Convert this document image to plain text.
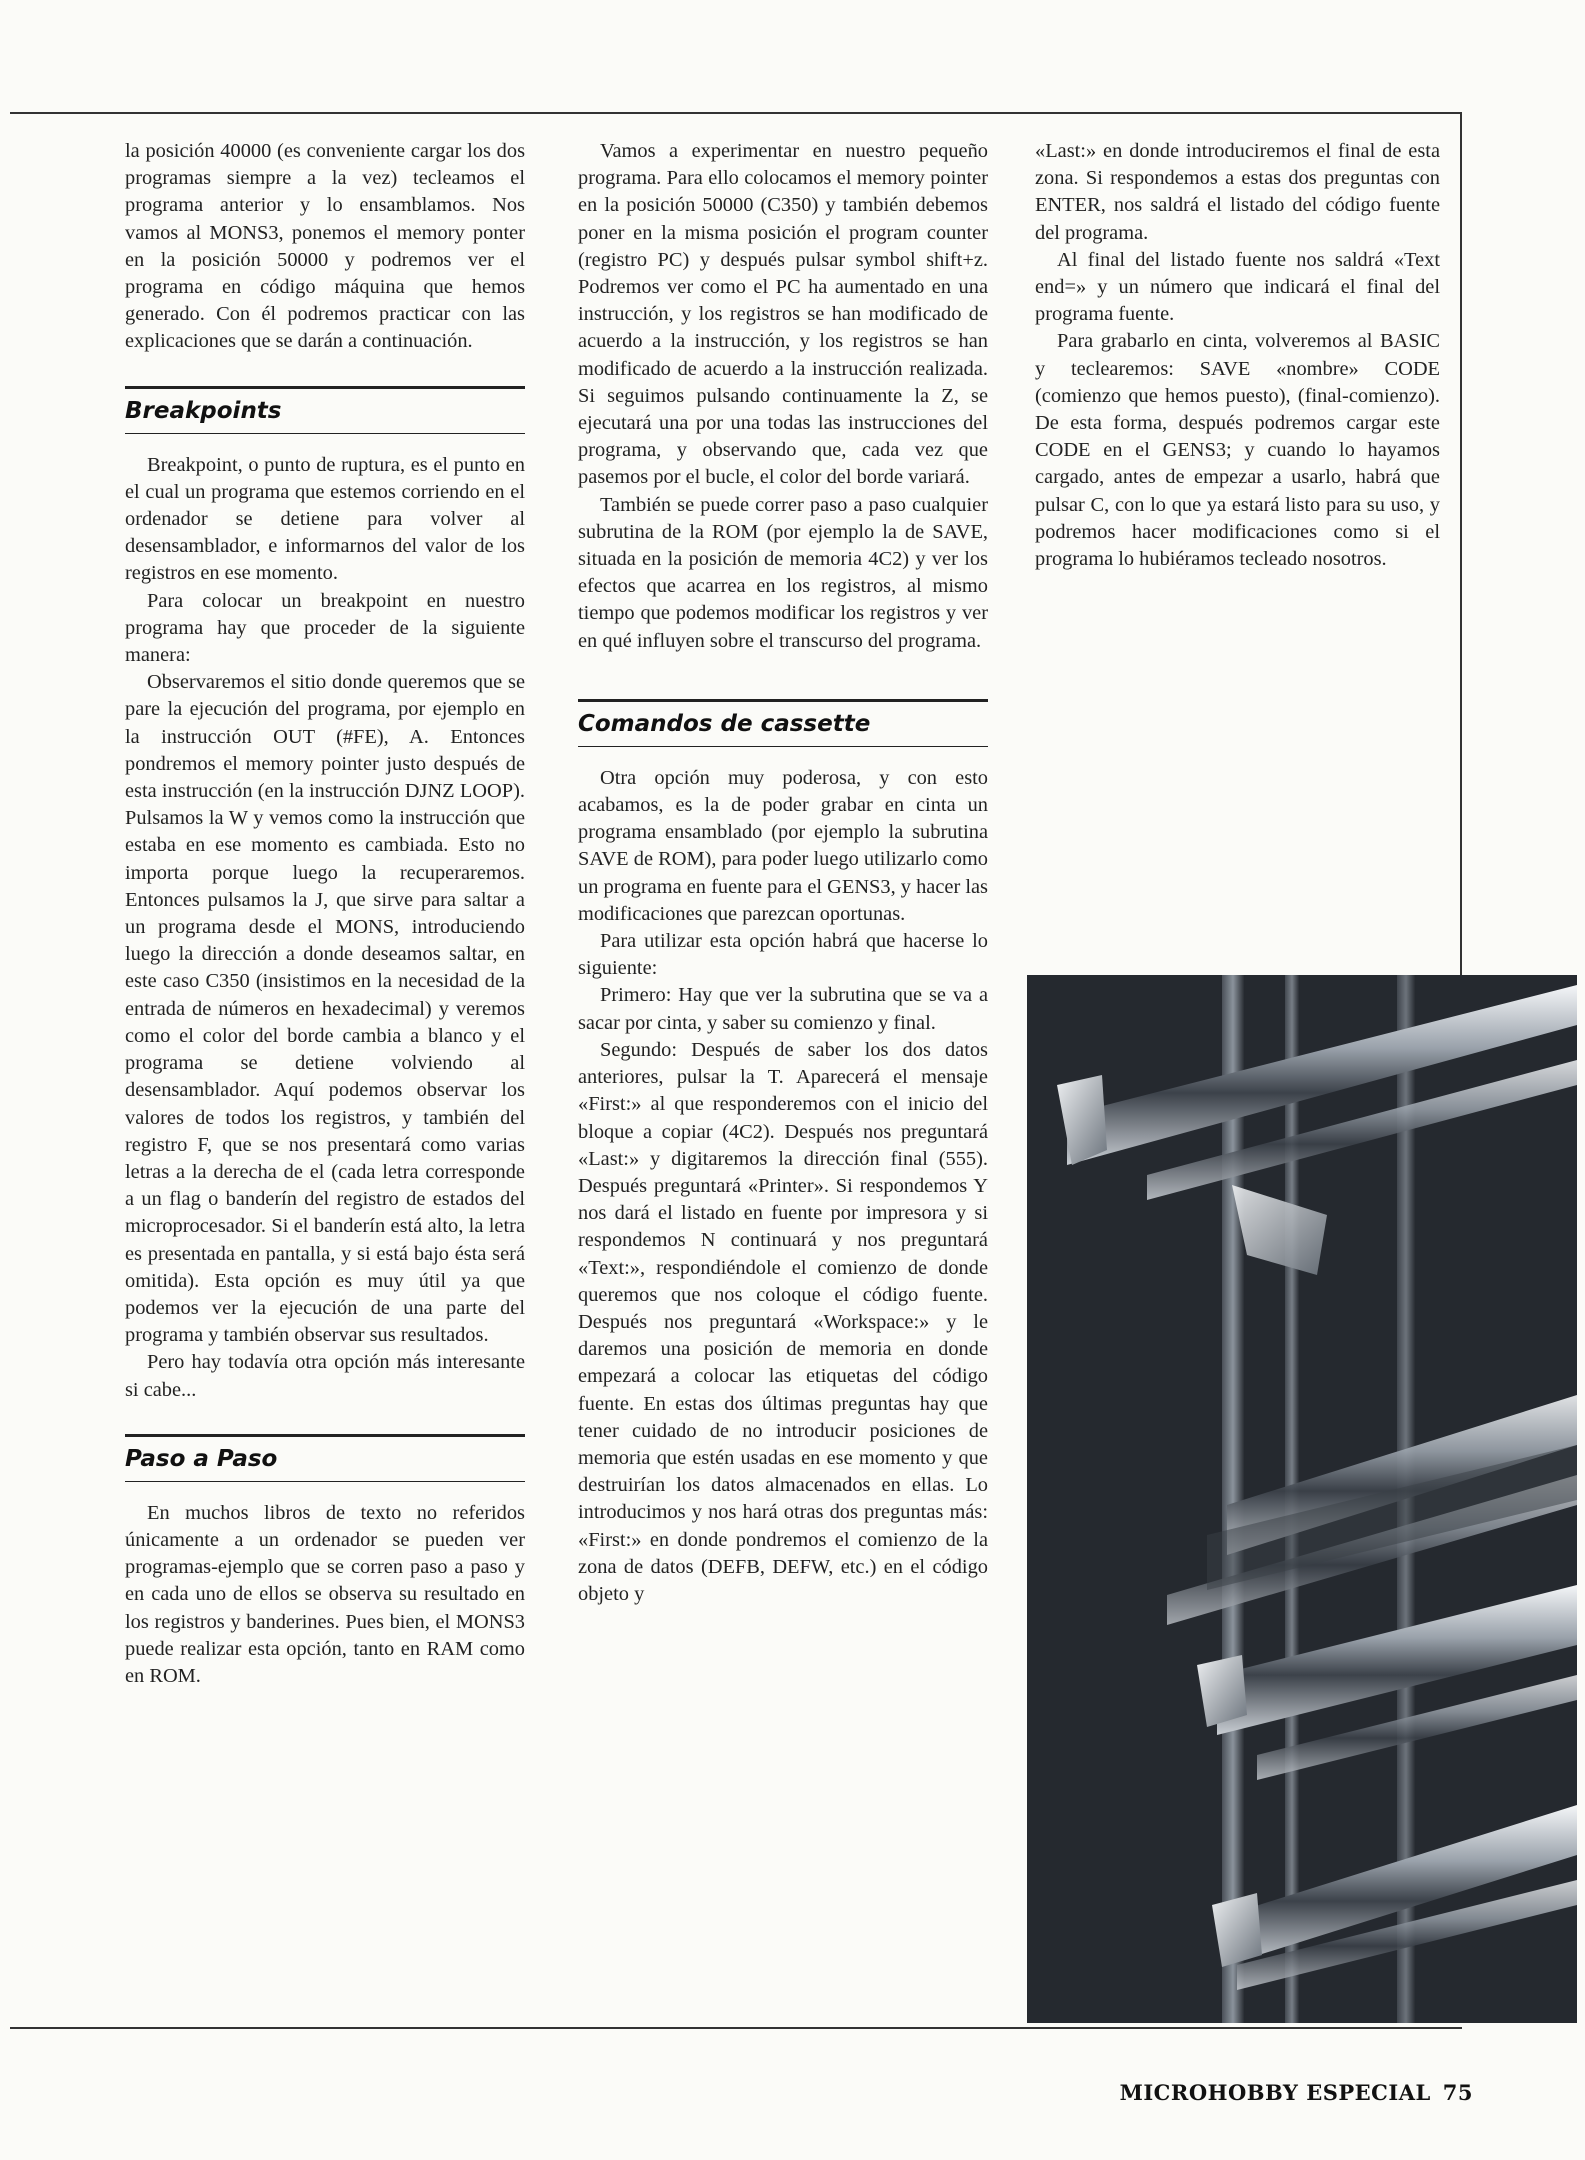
la posición 40000 (es conveniente cargar los dos programas siempre a la vez) tecleamos el programa anterior y lo ensamblamos. Nos vamos al MONS3, ponemos el memory ponter en la posición 50000 y podremos ver el programa en código máquina que hemos generado. Con él podremos practicar con las explicaciones que se darán a continuación.

Breakpoints

Breakpoint, o punto de ruptura, es el punto en el cual un programa que estemos corriendo en el ordenador se detiene para volver al desensamblador, e informarnos del valor de los registros en ese momento.

Para colocar un breakpoint en nuestro programa hay que proceder de la siguiente manera:

Observaremos el sitio donde queremos que se pare la ejecución del programa, por ejemplo en la instrucción OUT (#FE), A. Entonces pondremos el memory pointer justo después de esta instrucción (en la instrucción DJNZ LOOP). Pulsamos la W y vemos como la instrucción que estaba en ese momento es cambiada. Esto no importa porque luego la recuperaremos. Entonces pulsamos la J, que sirve para saltar a un programa desde el MONS, introduciendo luego la dirección a donde deseamos saltar, en este caso C350 (insistimos en la necesidad de la entrada de números en hexadecimal) y veremos como el color del borde cambia a blanco y el programa se detiene volviendo al desensamblador. Aquí podemos observar los valores de todos los registros, y también del registro F, que se nos presentará como varias letras a la derecha de el (cada letra corresponde a un flag o banderín del registro de estados del microprocesador. Si el banderín está alto, la letra es presentada en pantalla, y si está bajo ésta será omitida). Esta opción es muy útil ya que podemos ver la ejecución de una parte del programa y también observar sus resultados.

Pero hay todavía otra opción más interesante si cabe...

Paso a Paso

En muchos libros de texto no referidos únicamente a un ordenador se pueden ver programas-ejemplo que se corren paso a paso y en cada uno de ellos se observa su resultado en los registros y banderines. Pues bien, el MONS3 puede realizar esta opción, tanto en RAM como en ROM.

Vamos a experimentar en nuestro pequeño programa. Para ello colocamos el memory pointer en la posición 50000 (C350) y también debemos poner en la misma posición el program counter (registro PC) y después pulsar symbol shift+z. Podremos ver como el PC ha aumentado en una instrucción, y los registros se han modificado de acuerdo a la instrucción, y los registros se han modificado de acuerdo a la instrucción realizada. Si seguimos pulsando continuamente la Z, se ejecutará una por una todas las instrucciones del programa, y observando que, cada vez que pasemos por el bucle, el color del borde variará.

También se puede correr paso a paso cualquier subrutina de la ROM (por ejemplo la de SAVE, situada en la posición de memoria 4C2) y ver los efectos que acarrea en los registros, al mismo tiempo que podemos modificar los registros y ver en qué influyen sobre el transcurso del programa.

Comandos de cassette

Otra opción muy poderosa, y con esto acabamos, es la de poder grabar en cinta un programa ensamblado (por ejemplo la subrutina SAVE de ROM), para poder luego utilizarlo como un programa en fuente para el GENS3, y hacer las modificaciones que parezcan oportunas.

Para utilizar esta opción habrá que hacerse lo siguiente:

Primero: Hay que ver la subrutina que se va a sacar por cinta, y saber su comienzo y final.

Segundo: Después de saber los dos datos anteriores, pulsar la T. Aparecerá el mensaje «First:» al que responderemos con el inicio del bloque a copiar (4C2). Después nos preguntará «Last:» y digitaremos la dirección final (555). Después preguntará «Printer». Si respondemos Y nos dará el listado en fuente por impresora y si respondemos N continuará y nos preguntará «Text:», respondiéndole el comienzo de donde queremos que nos coloque el código fuente. Después nos preguntará «Workspace:» y le daremos una posición de memoria en donde empezará a colocar las etiquetas del código fuente. En estas dos últimas preguntas hay que tener cuidado de no introducir posiciones de memoria que estén usadas en ese momento y que destruirían los datos almacenados en ellas. Lo introducimos y nos hará otras dos preguntas más: «First:» en donde pondremos el comienzo de la zona de datos (DEFB, DEFW, etc.) en el código objeto y

«Last:» en donde introduciremos el final de esta zona. Si respondemos a estas dos preguntas con ENTER, nos saldrá el listado del código fuente del programa.

Al final del listado fuente nos saldrá «Text end=» y un número que indicará el final del programa fuente.

Para grabarlo en cinta, volveremos al BASIC y teclearemos: SAVE «nombre» CODE (comienzo que hemos puesto), (final-comienzo). De esta forma, después podremos cargar este CODE en el GENS3; y cuando lo hayamos cargado, antes de empezar a usarlo, habrá que pulsar C, con lo que ya estará listo para su uso, y podremos hacer modificaciones como si el programa lo hubiéramos tecleado nosotros.

MICROHOBBY ESPECIAL 75
